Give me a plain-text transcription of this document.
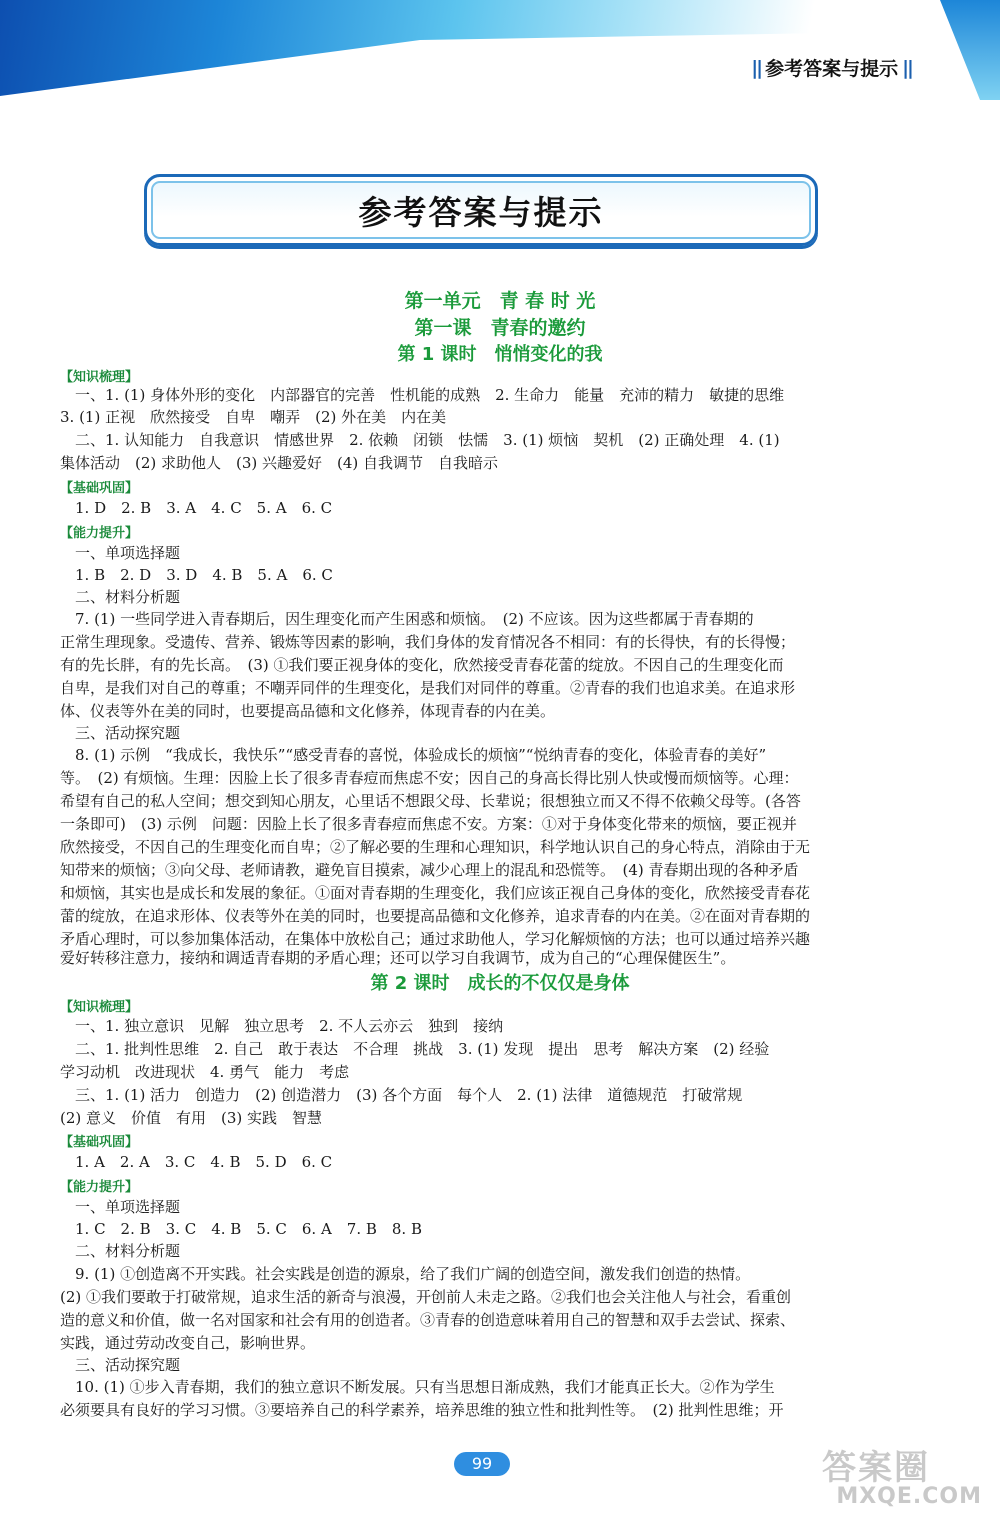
|| 参考答案与提示 ||
参考答案与提示
第一单元　青 春 时 光
第一课　青春的邀约
第 1 课时　悄悄变化的我
【知识梳理】
　一、1. (1) 身体外形的变化　内部器官的完善　性机能的成熟　2. 生命力　能量　充沛的精力　敏捷的思维
3. (1) 正视　欣然接受　自卑　嘲弄　(2) 外在美　内在美
　二、1. 认知能力　自我意识　情感世界　2. 依赖　闭锁　怯懦　3. (1) 烦恼　契机　(2) 正确处理　4. (1)
集体活动　(2) 求助他人　(3) 兴趣爱好　(4) 自我调节　自我暗示
【基础巩固】
　1. D　2. B　3. A　4. C　5. A　6. C
【能力提升】
　一、单项选择题
　1. B　2. D　3. D　4. B　5. A　6. C
　二、材料分析题
　7. (1) 一些同学进入青春期后，因生理变化而产生困惑和烦恼。　(2) 不应该。因为这些都属于青春期的
正常生理现象。受遗传、营养、锻炼等因素的影响，我们身体的发育情况各不相同：有的长得快，有的长得慢；
有的先长胖，有的先长高。　(3) ①我们要正视身体的变化，欣然接受青春花蕾的绽放。不因自己的生理变化而
自卑，是我们对自己的尊重；不嘲弄同伴的生理变化，是我们对同伴的尊重。②青春的我们也追求美。在追求形
体、仪表等外在美的同时，也要提高品德和文化修养，体现青春的内在美。
　三、活动探究题
　8. (1) 示例　“我成长，我快乐”“感受青春的喜悦，体验成长的烦恼”“悦纳青春的变化，体验青春的美好”
等。　(2) 有烦恼。生理：因脸上长了很多青春痘而焦虑不安；因自己的身高长得比别人快或慢而烦恼等。心理：
希望有自己的私人空间；想交到知心朋友，心里话不想跟父母、长辈说；很想独立而又不得不依赖父母等。(各答
一条即可)　(3) 示例　问题：因脸上长了很多青春痘而焦虑不安。方案：①对于身体变化带来的烦恼，要正视并
欣然接受，不因自己的生理变化而自卑；②了解必要的生理和心理知识，科学地认识自己的身心特点，消除由于无
知带来的烦恼；③向父母、老师请教，避免盲目摸索，减少心理上的混乱和恐慌等。　(4) 青春期出现的各种矛盾
和烦恼，其实也是成长和发展的象征。①面对青春期的生理变化，我们应该正视自己身体的变化，欣然接受青春花
蕾的绽放，在追求形体、仪表等外在美的同时，也要提高品德和文化修养，追求青春的内在美。②在面对青春期的
矛盾心理时，可以参加集体活动，在集体中放松自己；通过求助他人，学习化解烦恼的方法；也可以通过培养兴趣
爱好转移注意力，接纳和调适青春期的矛盾心理；还可以学习自我调节，成为自己的“心理保健医生”。
第 2 课时　成长的不仅仅是身体
【知识梳理】
　一、1. 独立意识　见解　独立思考　2. 不人云亦云　独到　接纳
　二、1. 批判性思维　2. 自己　敢于表达　不合理　挑战　3. (1) 发现　提出　思考　解决方案　(2) 经验
学习动机　改进现状　4. 勇气　能力　考虑
　三、1. (1) 活力　创造力　(2) 创造潜力　(3) 各个方面　每个人　2. (1) 法律　道德规范　打破常规
(2) 意义　价值　有用　(3) 实践　智慧
【基础巩固】
　1. A　2. A　3. C　4. B　5. D　6. C
【能力提升】
　一、单项选择题
　1. C　2. B　3. C　4. B　5. C　6. A　7. B　8. B
　二、材料分析题
　9. (1) ①创造离不开实践。社会实践是创造的源泉，给了我们广阔的创造空间，激发我们创造的热情。
(2) ①我们要敢于打破常规，追求生活的新奇与浪漫，开创前人未走之路。②我们也会关注他人与社会，看重创
造的意义和价值，做一名对国家和社会有用的创造者。③青春的创造意味着用自己的智慧和双手去尝试、探索、
实践，通过劳动改变自己，影响世界。
　三、活动探究题
　10. (1) ①步入青春期，我们的独立意识不断发展。只有当思想日渐成熟，我们才能真正长大。②作为学生
必须要具有良好的学习习惯。③要培养自己的科学素养，培养思维的独立性和批判性等。　(2) 批判性思维；开
99	答案圈
MXQE.COM
